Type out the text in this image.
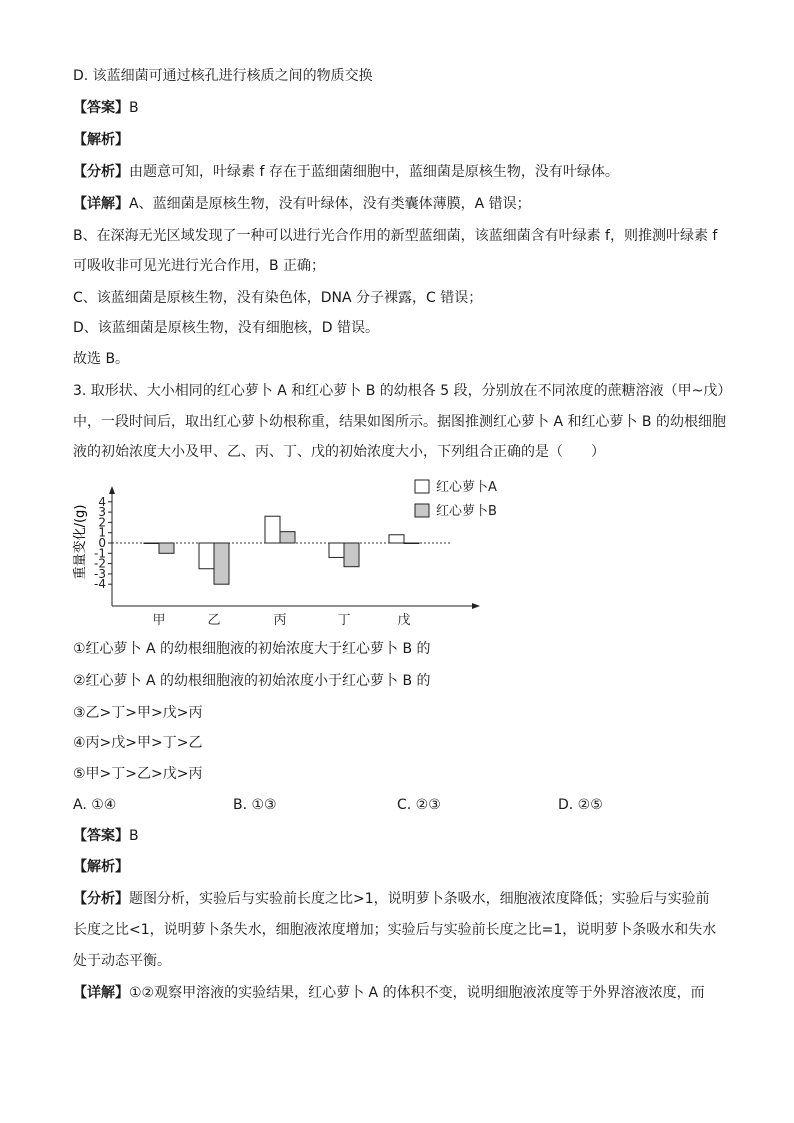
D. 该蓝细菌可通过核孔进行核质之间的物质交换
【答案】B
【解析】
【分析】由题意可知，叶绿素 f 存在于蓝细菌细胞中，蓝细菌是原核生物，没有叶绿体。
【详解】A、蓝细菌是原核生物，没有叶绿体，没有类囊体薄膜，A 错误；
B、在深海无光区域发现了一种可以进行光合作用的新型蓝细菌，该蓝细菌含有叶绿素 f，则推测叶绿素 f
可吸收非可见光进行光合作用，B 正确；
C、该蓝细菌是原核生物，没有染色体，DNA 分子裸露，C 错误；
D、该蓝细菌是原核生物，没有细胞核，D 错误。
故选 B。
3. 取形状、大小相同的红心萝卜 A 和红心萝卜 B 的幼根各 5 段，分别放在不同浓度的蔗糖溶液（甲~戊）
中，一段时间后，取出红心萝卜幼根称重，结果如图所示。据图推测红心萝卜 A 和红心萝卜 B 的幼根细胞
液的初始浓度大小及甲、乙、丙、丁、戊的初始浓度大小，下列组合正确的是（　　）
重量变化/(g)
4
3
2
1
0
-1
-2
-3
-4
甲	乙	丙	丁	戊
红心萝卜A
红心萝卜B
①红心萝卜 A 的幼根细胞液的初始浓度大于红心萝卜 B 的
②红心萝卜 A 的幼根细胞液的初始浓度小于红心萝卜 B 的
③乙>丁>甲>戊>丙
④丙>戊>甲>丁>乙
⑤甲>丁>乙>戊>丙
A. ①④	B. ①③	C. ②③	D. ②⑤
【答案】B
【解析】
【分析】题图分析，实验后与实验前长度之比>1，说明萝卜条吸水，细胞液浓度降低；实验后与实验前
长度之比<1，说明萝卜条失水，细胞液浓度增加；实验后与实验前长度之比=1，说明萝卜条吸水和失水
处于动态平衡。
【详解】①②观察甲溶液的实验结果，红心萝卜 A 的体积不变，说明细胞液浓度等于外界溶液浓度，而
